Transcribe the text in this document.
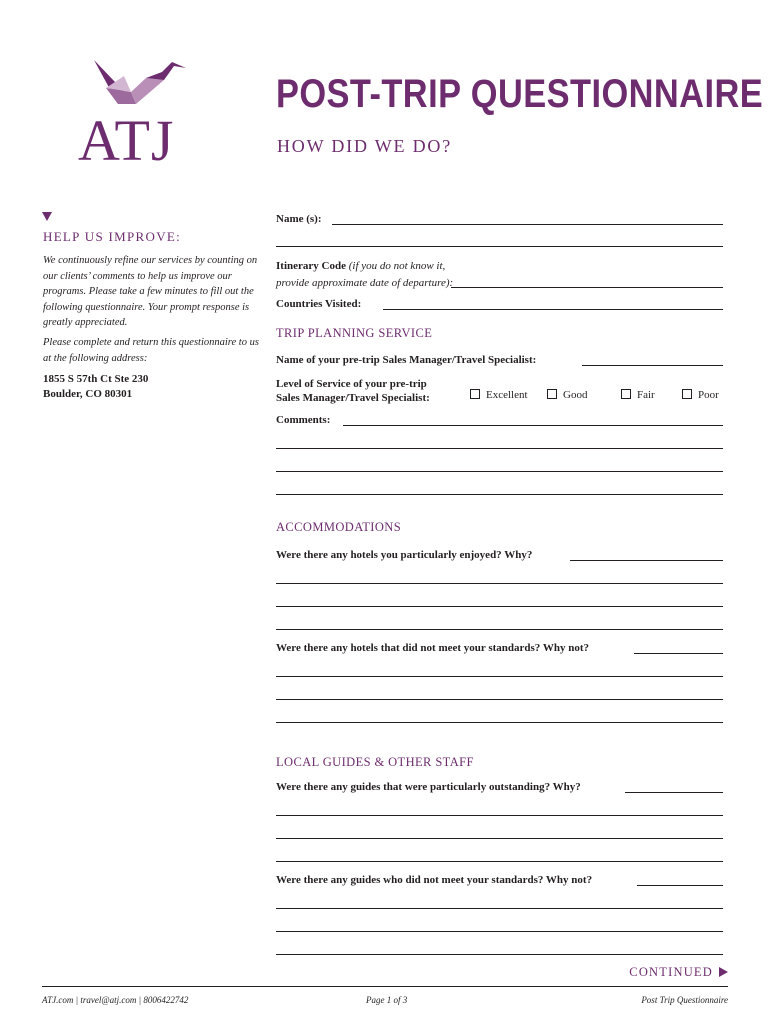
ATJ
POST-TRIP QUESTIONNAIRE
HOW DID WE DO?
HELP US IMPROVE:
We continuously refine our services by counting on our clients’ comments to help us improve our programs. Please take a few minutes to fill out the following questionnaire. Your prompt response is greatly appreciated.
Please complete and return this questionnaire to us at the following address:
1855 S 57th Ct Ste 230
Boulder, CO 80301
Name (s):
Itinerary Code (if you do not know it,
provide approximate date of departure):
Countries Visited:
TRIP PLANNING SERVICE
Name of your pre-trip Sales Manager/Travel Specialist:
Level of Service of your pre-trip
Sales Manager/Travel Specialist:	Excellent	Good	Fair	Poor
Comments:
ACCOMMODATIONS
Were there any hotels you particularly enjoyed? Why?
Were there any hotels that did not meet your standards? Why not?
LOCAL GUIDES & OTHER STAFF
Were there any guides that were particularly outstanding? Why?
Were there any guides who did not meet your standards? Why not?
CONTINUED
ATJ.com | travel@atj.com | 8006422742	Page 1 of 3	Post Trip Questionnaire
